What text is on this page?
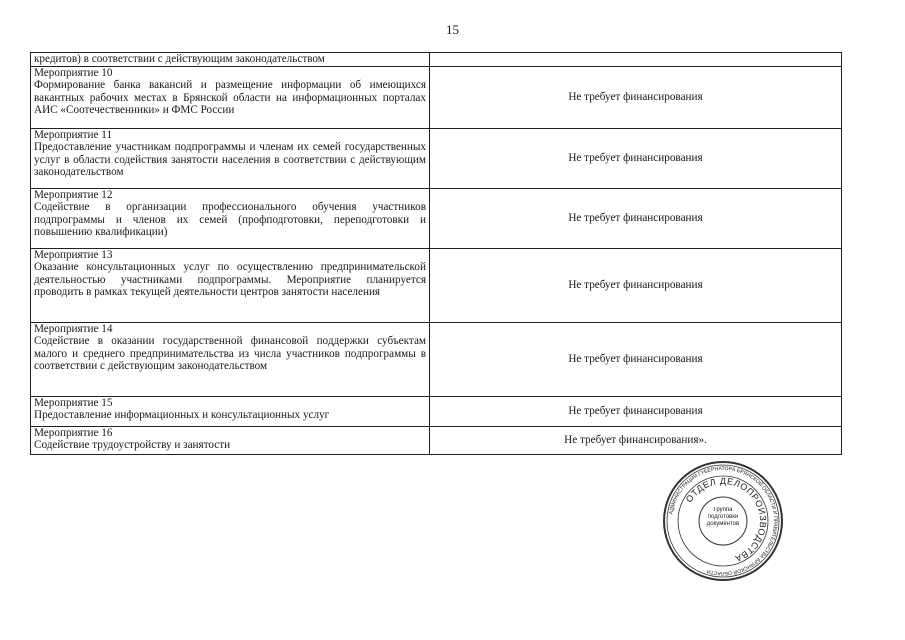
15
кредитов) в соответствии с действующим законодательством	

Мероприятие 10
Формирование банка вакансий и размещение информации об имеющихся вакантных рабочих местах в Брянской области на информационных порталах АИС «Соотечественники» и ФМС России	Не требует финансирования

Мероприятие 11
Предоставление участникам подпрограммы и членам их семей государственных услуг в области содействия занятости населения в соответствии с действующим законодательством	Не требует финансирования

Мероприятие 12
Содействие в организации профессионального обучения участников подпрограммы и членов их семей (профподготовки, переподготовки и повышению квалификации)	Не требует финансирования

Мероприятие 13
Оказание консультационных услуг по осуществлению предпринимательской деятельностью участниками подпрограммы. Мероприятие планируется проводить в рамках текущей деятельности центров занятости населения	Не требует финансирования

Мероприятие 14
Содействие в оказании государственной финансовой поддержки субъектам малого и среднего предпринимательства из числа участников подпрограммы в соответствии с действующим законодательством	Не требует финансирования

Мероприятие 15
Предоставление информационных и консультационных услуг	Не требует финансирования

Мероприятие 16
Содействие трудоустройству и занятости	Не требует финансирования».
АДМИНИСТРАЦИЯ ГУБЕРНАТОРА БРЯНСКОЙ ОБЛАСТИ И ПРАВИТЕЛЬСТВА БРЯНСКОЙ ОБЛАСТИ
ОТДЕЛ ДЕЛОПРОИЗВОДСТВА
Группа подготовки документов
